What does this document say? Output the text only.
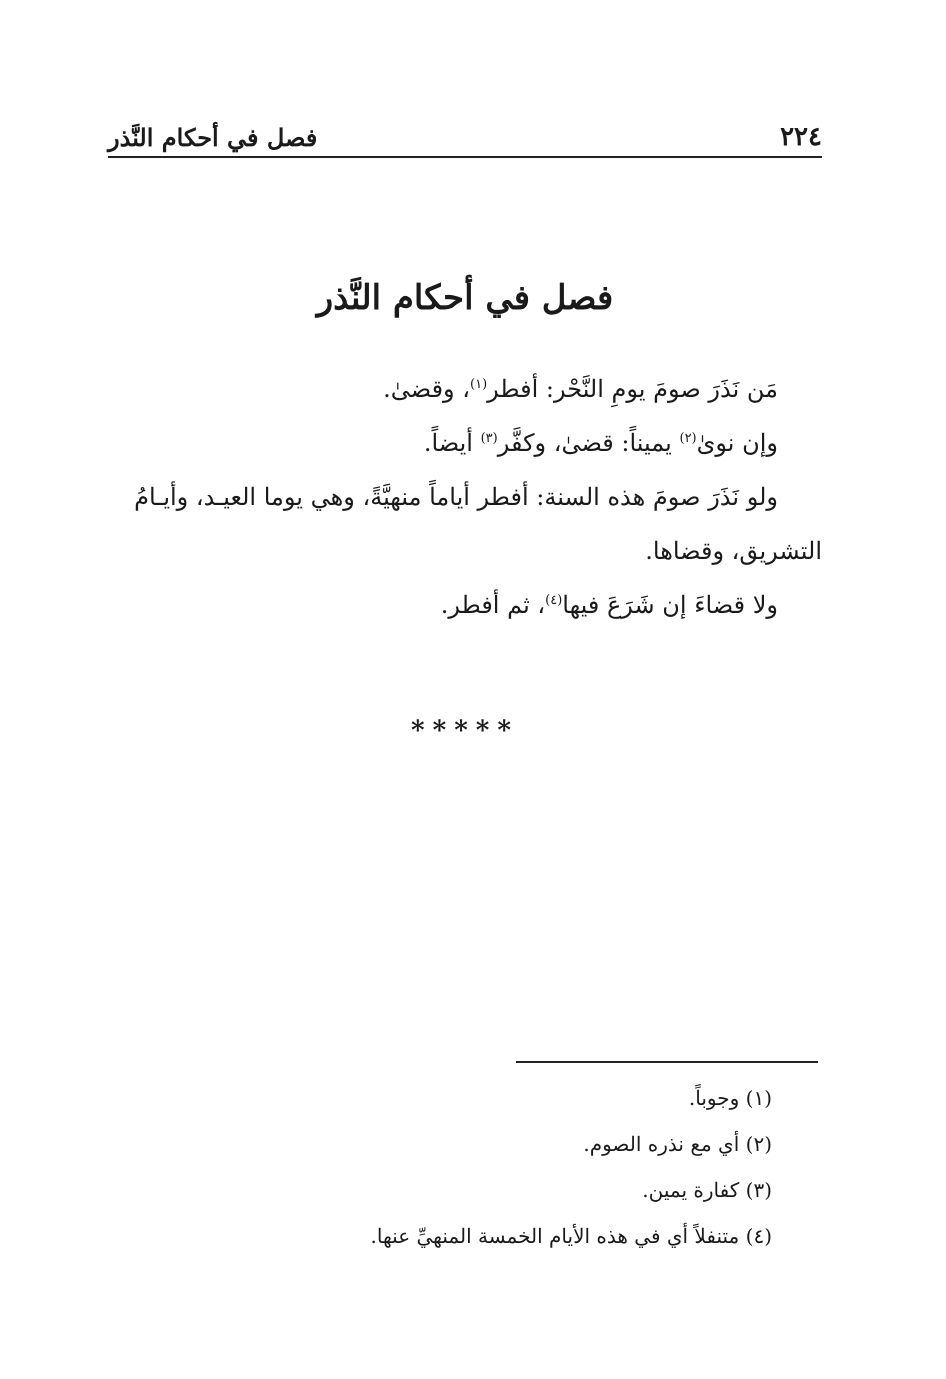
٢٢٤
فصل في أحكام النَّذر
فصل في أحكام النَّذر

مَن نَذَرَ صومَ يومِ النَّحْر: أفطر$^{(١)}$، وقضىٰ.

وإن نوىٰ$^{(٢)}$ يميناً: قضىٰ، وكفَّر$^{(٣)}$ أيضاً.

ولو نَذَرَ صومَ هذه السنة: أفطر أياماً منهيَّةً، وهي يوما العيـد، وأيـامُ التشريق، وقضاها.

ولا قضاءَ إن شَرَعَ فيها$^{(٤)}$، ثم أفطر.

*****

(١) وجوباً.

(٢) أي مع نذره الصوم.

(٣) كفارة يمين.

(٤) متنفلاً أي في هذه الأيام الخمسة المنهيِّ عنها.
